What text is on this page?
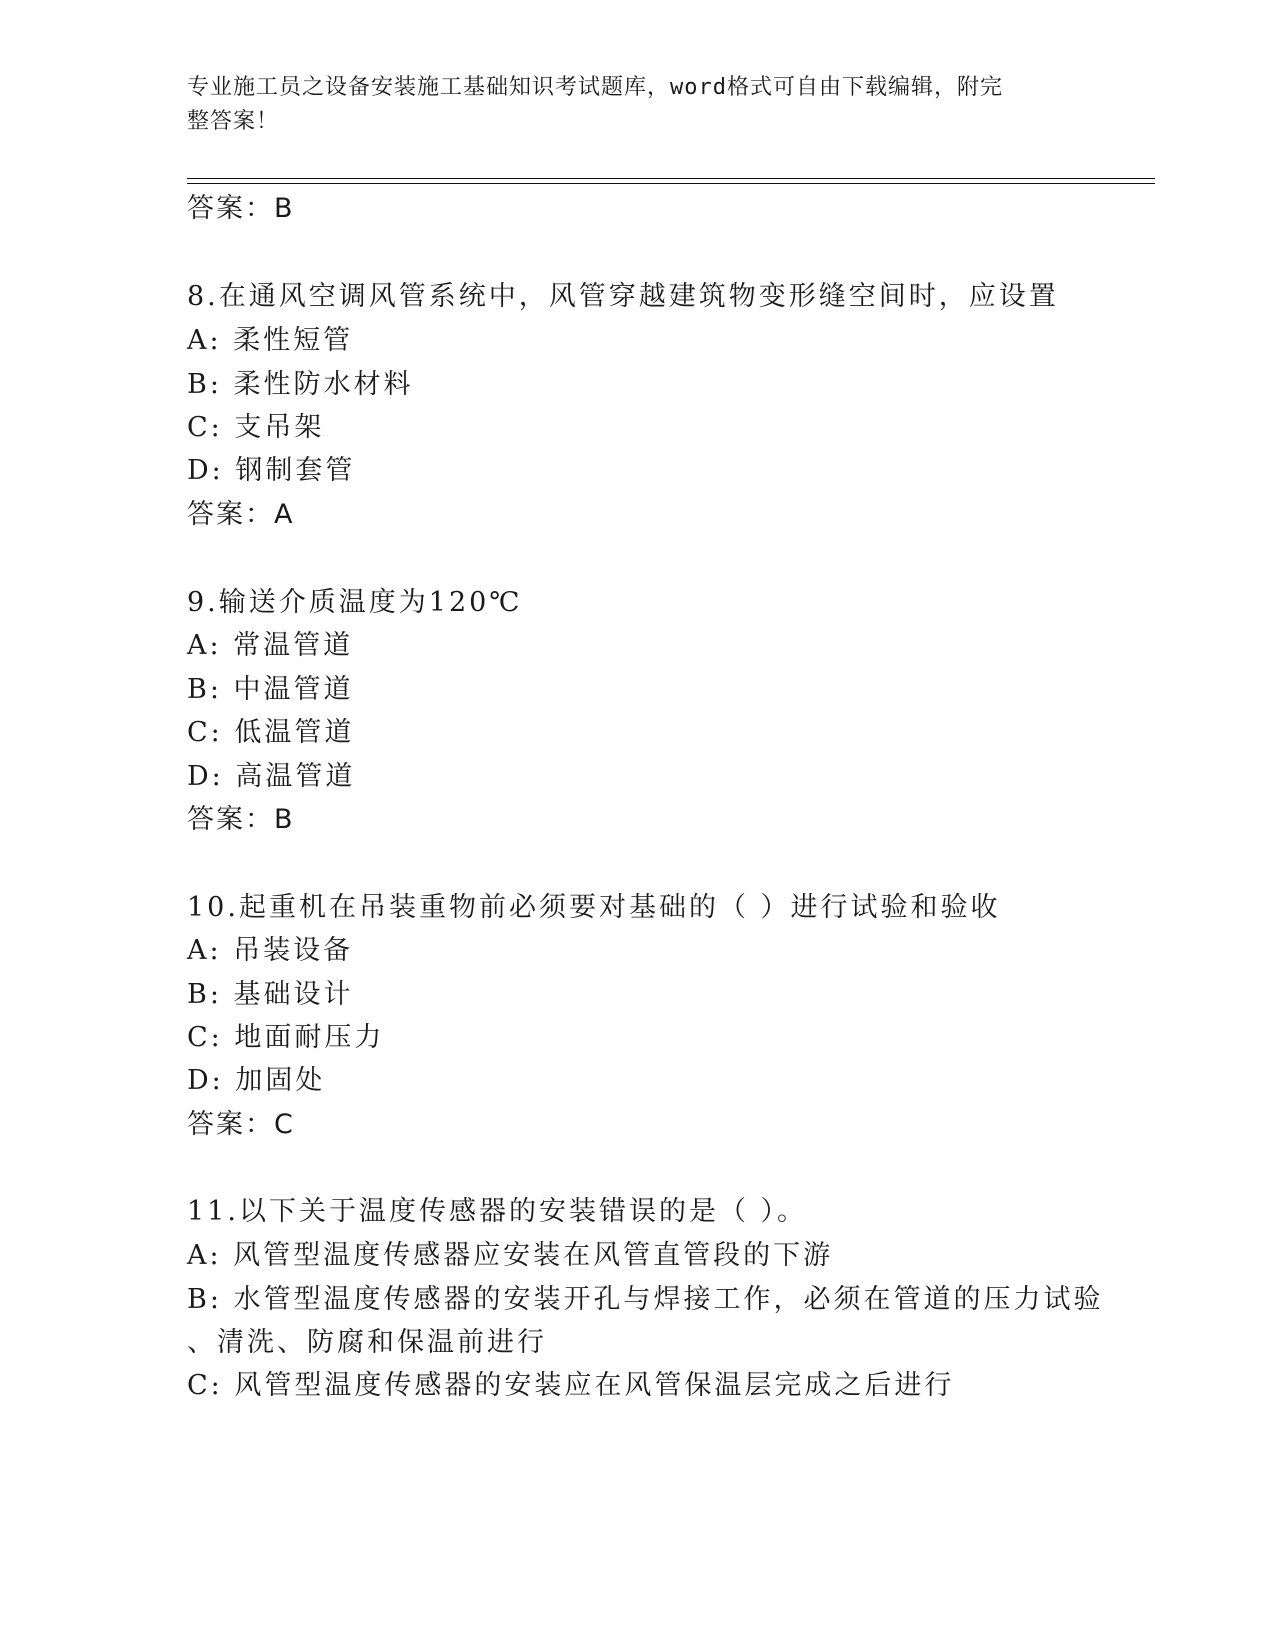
专业施工员之设备安装施工基础知识考试题库，word格式可自由下载编辑，附完
整答案！
答案：B
8.在通风空调风管系统中，风管穿越建筑物变形缝空间时，应设置
A: 柔性短管
B: 柔性防水材料
C: 支吊架
D: 钢制套管
答案：A
9.输送介质温度为120℃
A: 常温管道
B: 中温管道
C: 低温管道
D: 高温管道
答案：B
10.起重机在吊装重物前必须要对基础的（ ）进行试验和验收
A: 吊装设备
B: 基础设计
C: 地面耐压力
D: 加固处
答案：C
11.以下关于温度传感器的安装错误的是（ ）。
A: 风管型温度传感器应安装在风管直管段的下游
B: 水管型温度传感器的安装开孔与焊接工作，必须在管道的压力试验
、清洗、防腐和保温前进行
C: 风管型温度传感器的安装应在风管保温层完成之后进行
